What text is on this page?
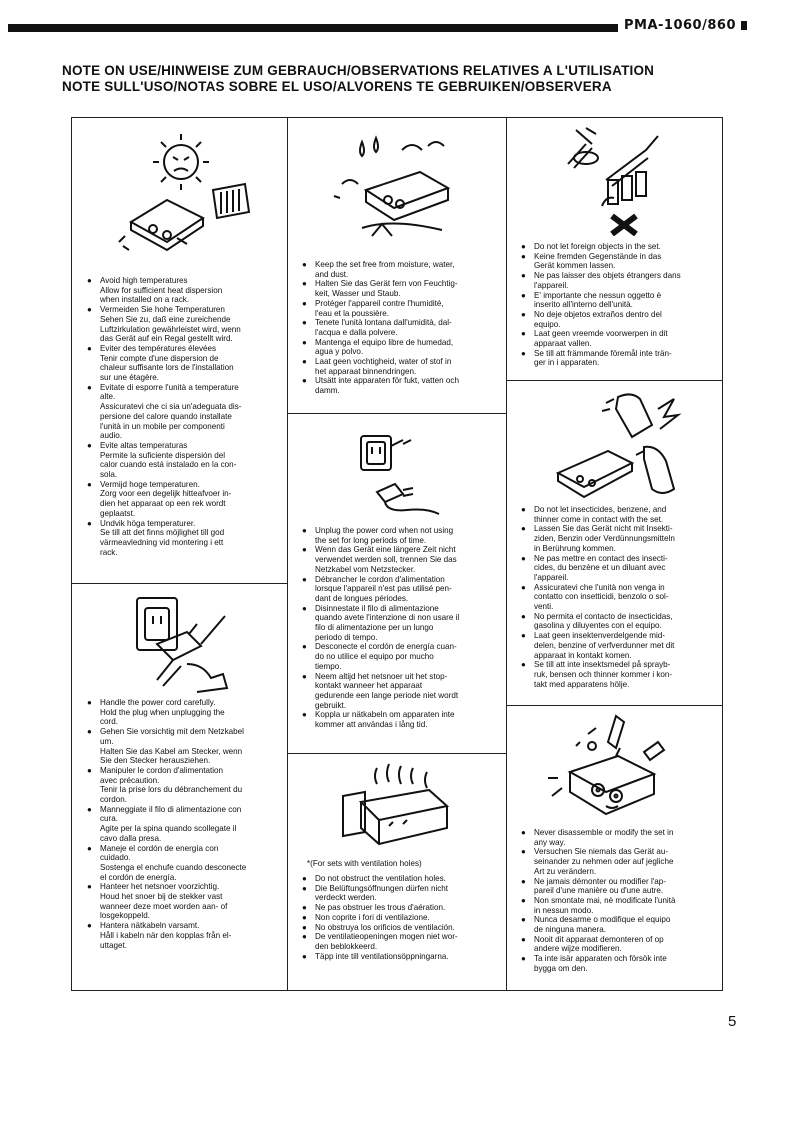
PMA-1060/860
NOTE ON USE/HINWEISE ZUM GEBRAUCH/OBSERVATIONS RELATIVES A L'UTILISATION
NOTE SULL'USO/NOTAS SOBRE EL USO/ALVORENS TE GEBRUIKEN/OBSERVERA
● Avoid high temperatures
Allow for sufficient heat dispersion
when installed on a rack.
● Vermeiden Sie hohe Temperaturen
Sehen Sie zu, daß eine zureichende
Luftzirkulation gewährleistet wird, wenn
das Gerät auf ein Regal gestellt wird.
● Eviter des températures élevées
Tenir compte d'une dispersion de
chaleur suffisante lors de l'installation
sur une étagère.
● Evitate di esporre l'unità a temperature
alte.
Assicuratevi che ci sia un'adeguata dis-
persione del calore quando installate
l'unità in un mobile per componenti
audio.
● Evite altas temperaturas
Permite la suficiente dispersión del
calor cuando está instalado en la con-
sola.
● Vermijd hoge temperaturen.
Zorg voor een degelijk hitteafvoer in-
dien het apparaat op een rek wordt
geplaatst.
● Undvik höga temperaturer.
Se till att det finns möjlighet till god
värmeavledning vid montering i ett
rack.
● Handle the power cord carefully.
Hold the plug when unplugging the
cord.
● Gehen Sie vorsichtig mit dem Netzkabel
um.
Halten Sie das Kabel am Stecker, wenn
Sie den Stecker herausziehen.
● Manipuler le cordon d'alimentation
avec précaution.
Tenir la prise lors du débranchement du
cordon.
● Manneggiate il filo di alimentazione con
cura.
Agite per la spina quando scollegate il
cavo dalla presa.
● Maneje el cordón de energía con
cuidado.
Sostenga el enchufe cuando desconecte
el cordón de energía.
● Hanteer het netsnoer voorzichtig.
Houd het snoer bij de stekker vast
wanneer deze moet worden aan- of
losgekoppeld.
● Hantera nätkabeln varsamt.
Håll i kabeln när den kopplas från el-
uttaget.
● Keep the set free from moisture, water,
and dust.
● Halten Sie das Gerät fern von Feuchtig-
keit, Wasser und Staub.
● Protéger l'appareil contre l'humidité,
l'eau et la poussière.
● Tenete l'unità lontana dall'umidità, dal-
l'acqua e dalla polvere.
● Mantenga el equipo libre de humedad,
agua y polvo.
● Laat geen vochtigheid, water of stof in
het apparaat binnendringen.
● Utsätt inte apparaten för fukt, vatten och
damm.
● Unplug the power cord when not using
the set for long periods of time.
● Wenn das Gerät eine längere Zeit nicht
verwendet werden soll, trennen Sie das
Netzkabel vom Netzstecker.
● Débrancher le cordon d'alimentation
lorsque l'appareil n'est pas utilisé pen-
dant de longues périodes.
● Disinnestate il filo di alimentazione
quando avete l'intenzione di non usare il
filo di alimentazione per un lungo
periodo di tempo.
● Desconecte el cordón de energía cuan-
do no utilice el equipo por mucho
tiempo.
● Neem altijd het netsnoer uit het stop-
kontakt wanneer het apparaat
gedurende een lange periode niet wordt
gebruikt.
● Koppla ur nätkabeln om apparaten inte
kommer att användas i lång tid.
*(For sets with ventilation holes)
● Do not obstruct the ventilation holes.
● Die Belüftungsöffnungen dürfen nicht
verdeckt werden.
● Ne pas obstruer les trous d'aération.
● Non coprite i fori di ventilazione.
● No obstruya los orificios de ventilación.
● De ventilatieopeningen mogen niet wor-
den beblokkeerd.
● Täpp inte till ventilationsöppningarna.
● Do not let foreign objects in the set.
● Keine fremden Gegenstände in das
Gerät kommen lassen.
● Ne pas laisser des objets étrangers dans
l'appareil.
● E' importante che nessun oggetto è
inserito all'interno dell'unità.
● No deje objetos extraños dentro del
equipo.
● Laat geen vreemde voorwerpen in dit
apparaat vallen.
● Se till att främmande föremål inte trän-
ger in i apparaten.
● Do not let insecticides, benzene, and
thinner come in contact with the set.
● Lassen Sie das Gerät nicht mit Insekti-
ziden, Benzin oder Verdünnungsmitteln
in Berührung kommen.
● Ne pas mettre en contact des insecti-
cides, du benzène et un diluant avec
l'appareil.
● Assicuratevi che l'unità non venga in
contatto con insetticidi, benzolo o sol-
venti.
● No permita el contacto de insecticidas,
gasolina y diluyentes con el equipo.
● Laat geen insektenverdelgende mid-
delen, benzine of verfverdunner met dit
apparaat in kontakt komen.
● Se till att inte insektsmedel på sprayb-
ruk, bensen och thinner kommer i kon-
takt med apparatens hölje.
● Never disassemble or modify the set in
any way.
● Versuchen Sie niemals das Gerät au-
seinander zu nehmen oder auf jegliche
Art zu verändern.
● Ne jamais démonter ou modifier l'ap-
pareil d'une manière ou d'une autre.
● Non smontate mai, nè modificate l'unità
in nessun modo.
● Nunca desarme o modifique el equipo
de ninguna manera.
● Nooit dit apparaat demonteren of op
andere wijze modifieren.
● Ta inte isär apparaten och försök inte
bygga om den.
5
